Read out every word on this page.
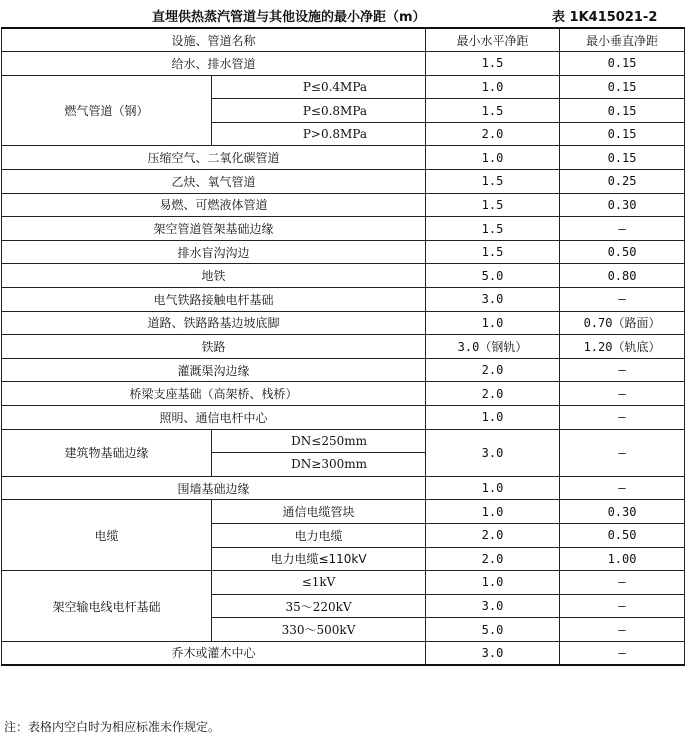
直埋供热蒸汽管道与其他设施的最小净距（m）	表 1K415021-2
设施、管道名称		最小水平净距	最小垂直净距
给水、排水管道		1.5	0.15
燃气管道（钢）	P≤0.4MPa	1.0	0.15
	P≤0.8MPa	1.5	0.15
	P>0.8MPa	2.0	0.15
压缩空气、二氧化碳管道		1.0	0.15
乙炔、氧气管道		1.5	0.25
易燃、可燃液体管道		1.5	0.30
架空管道管架基础边缘		1.5	—
排水盲沟沟边		1.5	0.50
地铁		5.0	0.80
电气铁路接触电杆基础		3.0	—
道路、铁路路基边坡底脚		1.0	0.70（路面）
铁路		3.0（钢轨）	1.20（轨底）
灌溉渠沟边缘		2.0	—
桥梁支座基础（高架桥、栈桥）		2.0	—
照明、通信电杆中心		1.0	—
建筑物基础边缘	DN≤250mm	3.0	—
	DN≥300mm		
围墙基础边缘		1.0	—
电缆	通信电缆管块	1.0	0.30
	电力电缆	2.0	0.50
	电力电缆≤110kV	2.0	1.00
架空输电线电杆基础	≤1kV	1.0	—
	35～220kV	3.0	—
	330～500kV	5.0	—
乔木或灌木中心		3.0	—
注：表格内空白时为相应标准未作规定。
